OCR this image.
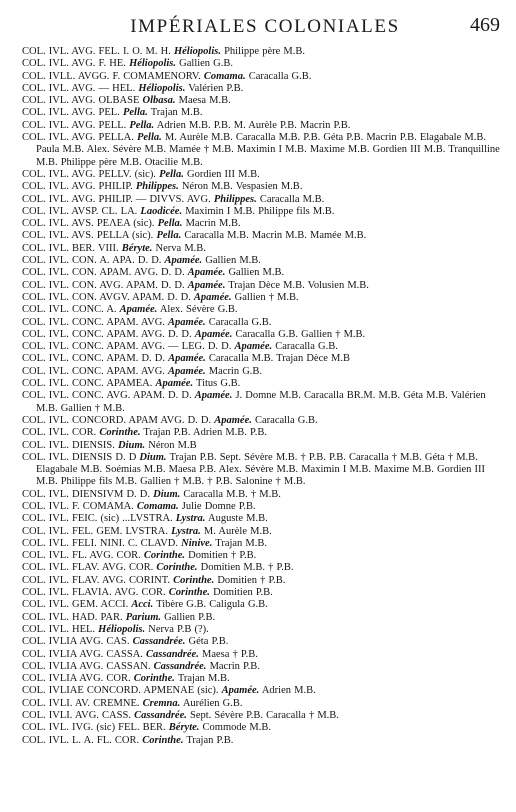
IMPÉRIALES COLONIALES	469
COL. IVL. AVG. FEL. I. O. M. H. Héliopolis. Philippe père M.B.
COL. IVL. AVG. F. HE. Héliopolis. Gallien G.B.
COL. IVLL. AVGG. F. COMAMENORV. Comama. Caracalla G.B.
COL. IVL. AVG. — HEL. Héliopolis. Valérien P.B.
COL. IVL. AVG. OLBASE Olbasa. Maesa M.B.
COL. IVL. AVG. PEL. Pella. Trajan M.B.
COL. IVL. AVG. PELL. Pella. Adrien M.B. P.B. M. Aurèle P.B. Macrin P.B.
COL. IVL. AVG. PELLA. Pella. M. Aurèle M.B. Caracalla M.B. P.B. Géta P.B. Macrin P.B. Elagabale M.B. Paula M.B. Alex. Sévère M.B. Mamée † M.B. Maximin I M.B. Maxime M.B. Gordien III M.B. Tranquilline M.B. Philippe père M.B. Otacilie M.B.
COL. IVL. AVG. PELLV. (sic). Pella. Gordien III M.B.
COL. IVL. AVG. PHILIP. Philippes. Néron M.B. Vespasien M.B.
COL. IVL. AVG. PHILIP. — DIVVS. AVG. Philippes. Caracalla M.B.
COL. IVL. AVSP. CL. LA. Laodicée. Maximin I M.B. Philippe fils M.B.
COL. IVL. AVS. PEΛEA (sic). Pella. Macrin M.B.
COL. IVL. AVS. PELLA (sic). Pella. Caracalla M.B. Macrin M.B. Mamée M.B.
COL. IVL. BER. VIII. Béryte. Nerva M.B.
COL. IVL. CON. A. APA. D. D. Apamée. Gallien M.B.
COL. IVL. CON. APAM. AVG. D. D. Apamée. Gallien M.B.
COL. IVL. CON. AVG. APAM. D. D. Apamée. Trajan Dèce M.B. Volusien M.B.
COL. IVL. CON. AVGV. APAM. D. D. Apamée. Gallien † M.B.
COL. IVL. CONC. A. Apamée. Alex. Sévère G.B.
COL. IVL. CONC. APAM. AVG. Apamée. Caracalla G.B.
COL. IVL. CONC. APAM. AVG. D. D. Apamée. Caracalla G.B. Gallien † M.B.
COL. IVL. CONC. APAM. AVG. — LEG. D. D. Apamée. Caracalla G.B.
COL. IVL. CONC. APAM. D. D. Apamée. Caracalla M.B. Trajan Dèce M.B
COL. IVL. CONC. APAM. AVG. Apamée. Macrin G.B.
COL. IVL. CONC. APAMEA. Apamée. Titus G.B.
COL. IVL. CONC. AVG. APAM. D. D. Apamée. J. Domne M.B. Caracalla BR.M. M.B. Géta M.B. Valérien M.B. Gallien † M.B.
COL. IVL. CONCORD. APAM AVG. D. D. Apamée. Caracalla G.B.
COL. IVL. COR. Corinthe. Trajan P.B. Adrien M.B. P.B.
COL. IVL. DIENSIS. Dium. Néron M.B
COL. IVL. DIENSIS D. D Dium. Trajan P.B. Sept. Sévère M.B. † P.B. P.B. Caracalla † M.B. Géta † M.B. Elagabale M.B. Soémias M.B. Maesa P.B. Alex. Sévère M.B. Maximin I M.B. Maxime M.B. Gordien III M.B. Philippe fils M.B. Gallien † M.B. † P.B. Salonine † M.B.
COL. IVL. DIENSIVM D. D. Dium. Caracalla M.B. † M.B.
COL. IVL. F. COMAMA. Comama. Julie Domne P.B.
COL. IVL. FEIC. (sic) ...LVSTRA. Lystra. Auguste M.B.
COL. IVL. FEL. GEM. LVSTRA. Lystra. M. Aurèle M.B.
COL. IVL. FELI. NINI. C. CLAVD. Ninive. Trajan M.B.
COL. IVL. FL. AVG. COR. Corinthe. Domitien † P.B.
COL. IVL. FLAV. AVG. COR. Corinthe. Domitien M.B. † P.B.
COL. IVL. FLAV. AVG. CORINT. Corinthe. Domitien † P.B.
COL. IVL. FLAVIA. AVG. COR. Corinthe. Domitien P.B.
COL. IVL. GEM. ACCI. Acci. Tibère G.B. Caligula G.B.
COL. IVL. HAD. PAR. Parium. Gallien P.B.
COL. IVL. HEL. Héliopolis. Nerva P.B (?).
COL. IVLIA AVG. CAS. Cassandrée. Géta P.B.
COL. IVLIA AVG. CASSA. Cassandrée. Maesa † P.B.
COL. IVLIA AVG. CASSAN. Cassandrée. Macrin P.B.
COL. IVLIA AVG. COR. Corinthe. Trajan M.B.
COL. IVLIAE CONCORD. APMENAE (sic). Apamée. Adrien M.B.
COL. IVLI. AV. CREMNE. Cremna. Aurélien G.B.
COL. IVLI. AVG. CASS. Cassandrée. Sept. Sévère P.B. Caracalla † M.B.
COL. IVL. IVG. (sic) FEL. BER. Béryte. Commode M.B.
COL. IVL. L. A. FL. COR. Corinthe. Trajan P.B.
